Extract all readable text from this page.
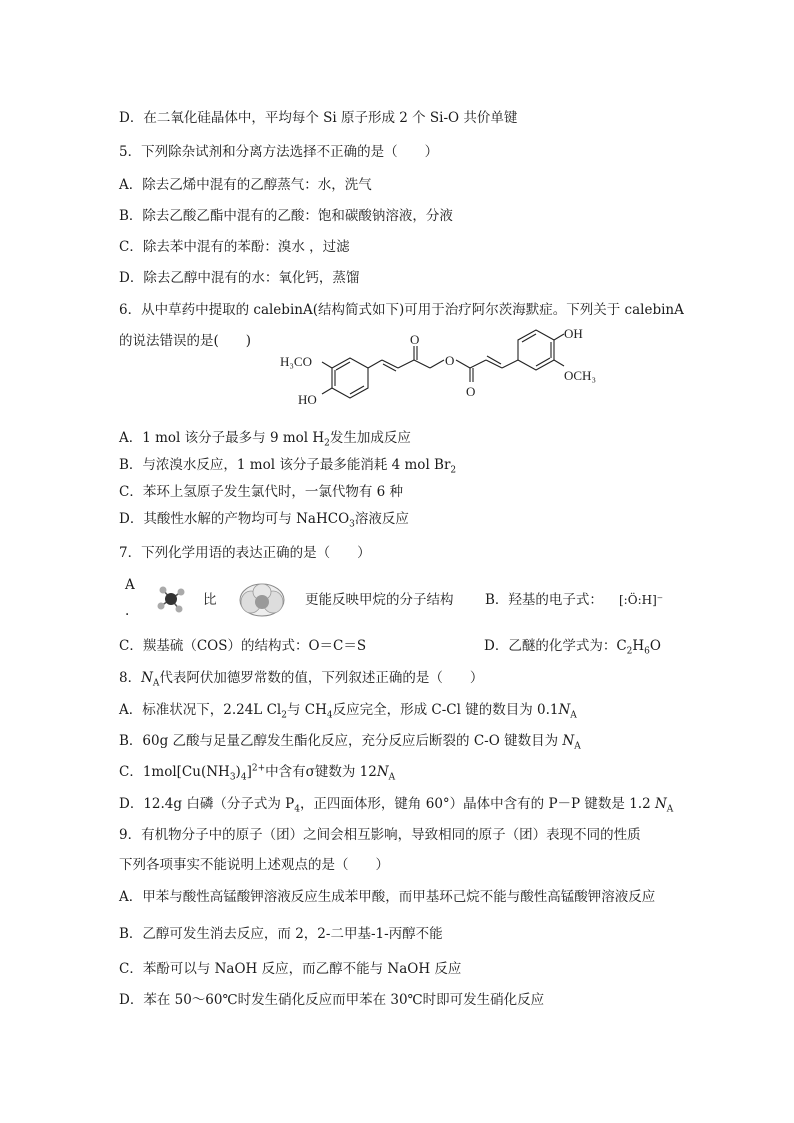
D．在二氧化硅晶体中，平均每个 Si 原子形成 2 个 Si-O 共价单键
5．下列除杂试剂和分离方法选择不正确的是（　　）
A．除去乙烯中混有的乙醇蒸气：水，洗气
B．除去乙酸乙酯中混有的乙酸：饱和碳酸钠溶液，分液
C．除去苯中混有的苯酚：溴水 ，过滤
D．除去乙醇中混有的水：氧化钙，蒸馏
6．从中草药中提取的 calebinA(结构简式如下)可用于治疗阿尔茨海默症。下列关于 calebinA
的说法错误的是(　　)
H₃CO
HO
O
O
O
OH
OCH₃
A．1 mol 该分子最多与 9 mol $H_2$发生加成反应
B．与浓溴水反应，1 mol 该分子最多能消耗 4 mol $Br_2$
C．苯环上氢原子发生氯代时，一氯代物有 6 种
D．其酸性水解的产物均可与 NaHCO$_3$溶液反应
7．下列化学用语的表达正确的是（　　）
A
.
比	更能反映甲烷的分子结构 B．羟基的电子式： [:Ö:H]⁻
C．羰基硫（COS）的结构式：O＝C＝S	D．乙醚的化学式为：$C_2H_6O$
8．$N_A$代表阿伏加德罗常数的值，下列叙述正确的是（　　）
A．标准状况下，2.24L $Cl_2$与 $CH_4$反应完全，形成 C-Cl 键的数目为 $0.1N_A$
B．60g 乙酸与足量乙醇发生酯化反应，充分反应后断裂的 C-O 键数目为 $N_A$
C．$1mol[Cu(NH_3)_4]^{2+}$中含有σ键数为 $12N_A$
D．12.4g 白磷（分子式为 $P_4$，正四面体形，键角 60°）晶体中含有的 P－P 键数是 1.2 $N_A$
9．有机物分子中的原子（团）之间会相互影响，导致相同的原子（团）表现不同的性质
下列各项事实不能说明上述观点的是（　　）
A．甲苯与酸性高锰酸钾溶液反应生成苯甲酸，而甲基环己烷不能与酸性高锰酸钾溶液反应
B．乙醇可发生消去反应，而 2，2-二甲基-1-丙醇不能
C．苯酚可以与 NaOH 反应，而乙醇不能与 NaOH 反应
D．苯在 50～60℃时发生硝化反应而甲苯在 30℃时即可发生硝化反应
